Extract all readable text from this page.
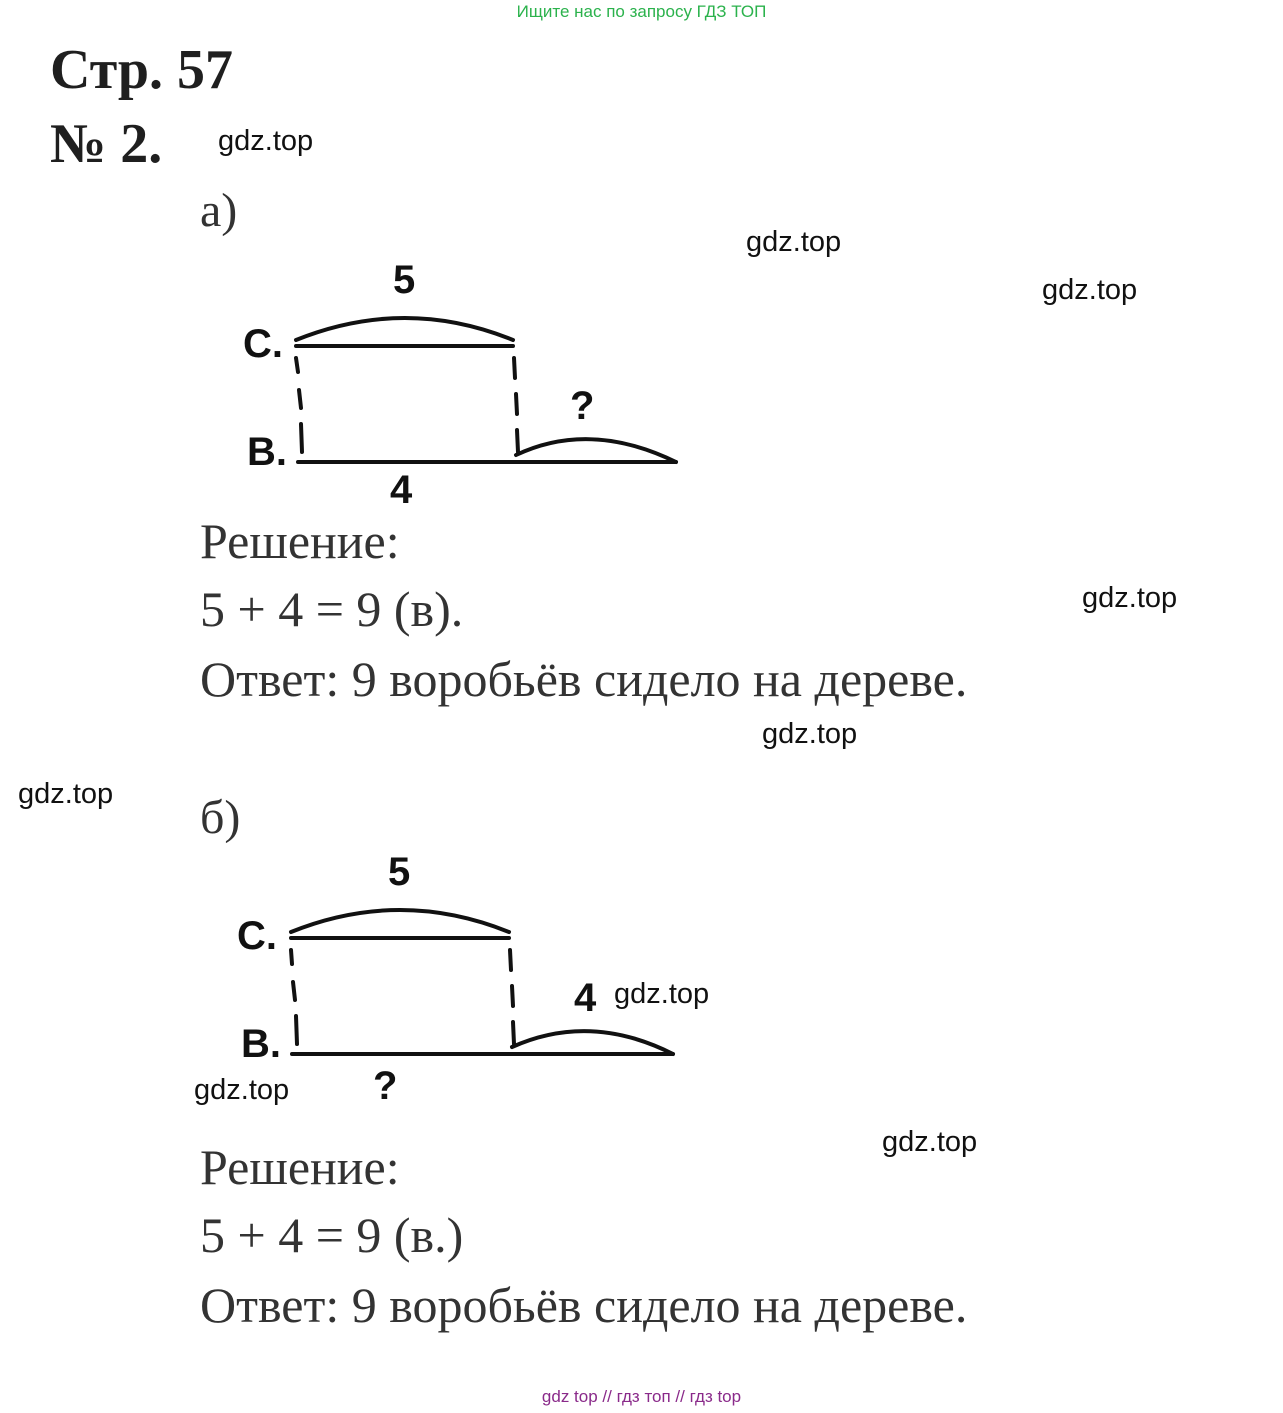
Ищите нас по запросу ГДЗ ТОП
Стр. 57
№ 2. gdz.top
gdz.top
gdz.top
gdz.top
gdz.top
gdz.top
gdz.top
gdz.top
gdz.top
а)
5
С.
В.
4
?
Решение:
5 + 4 = 9 (в).
Ответ: 9 воробьёв сидело на дереве.
б)
5
С.
В.
?
4
Решение:
5 + 4 = 9 (в.)
Ответ: 9 воробьёв сидело на дереве.
gdz top // гдз топ // гдз top
